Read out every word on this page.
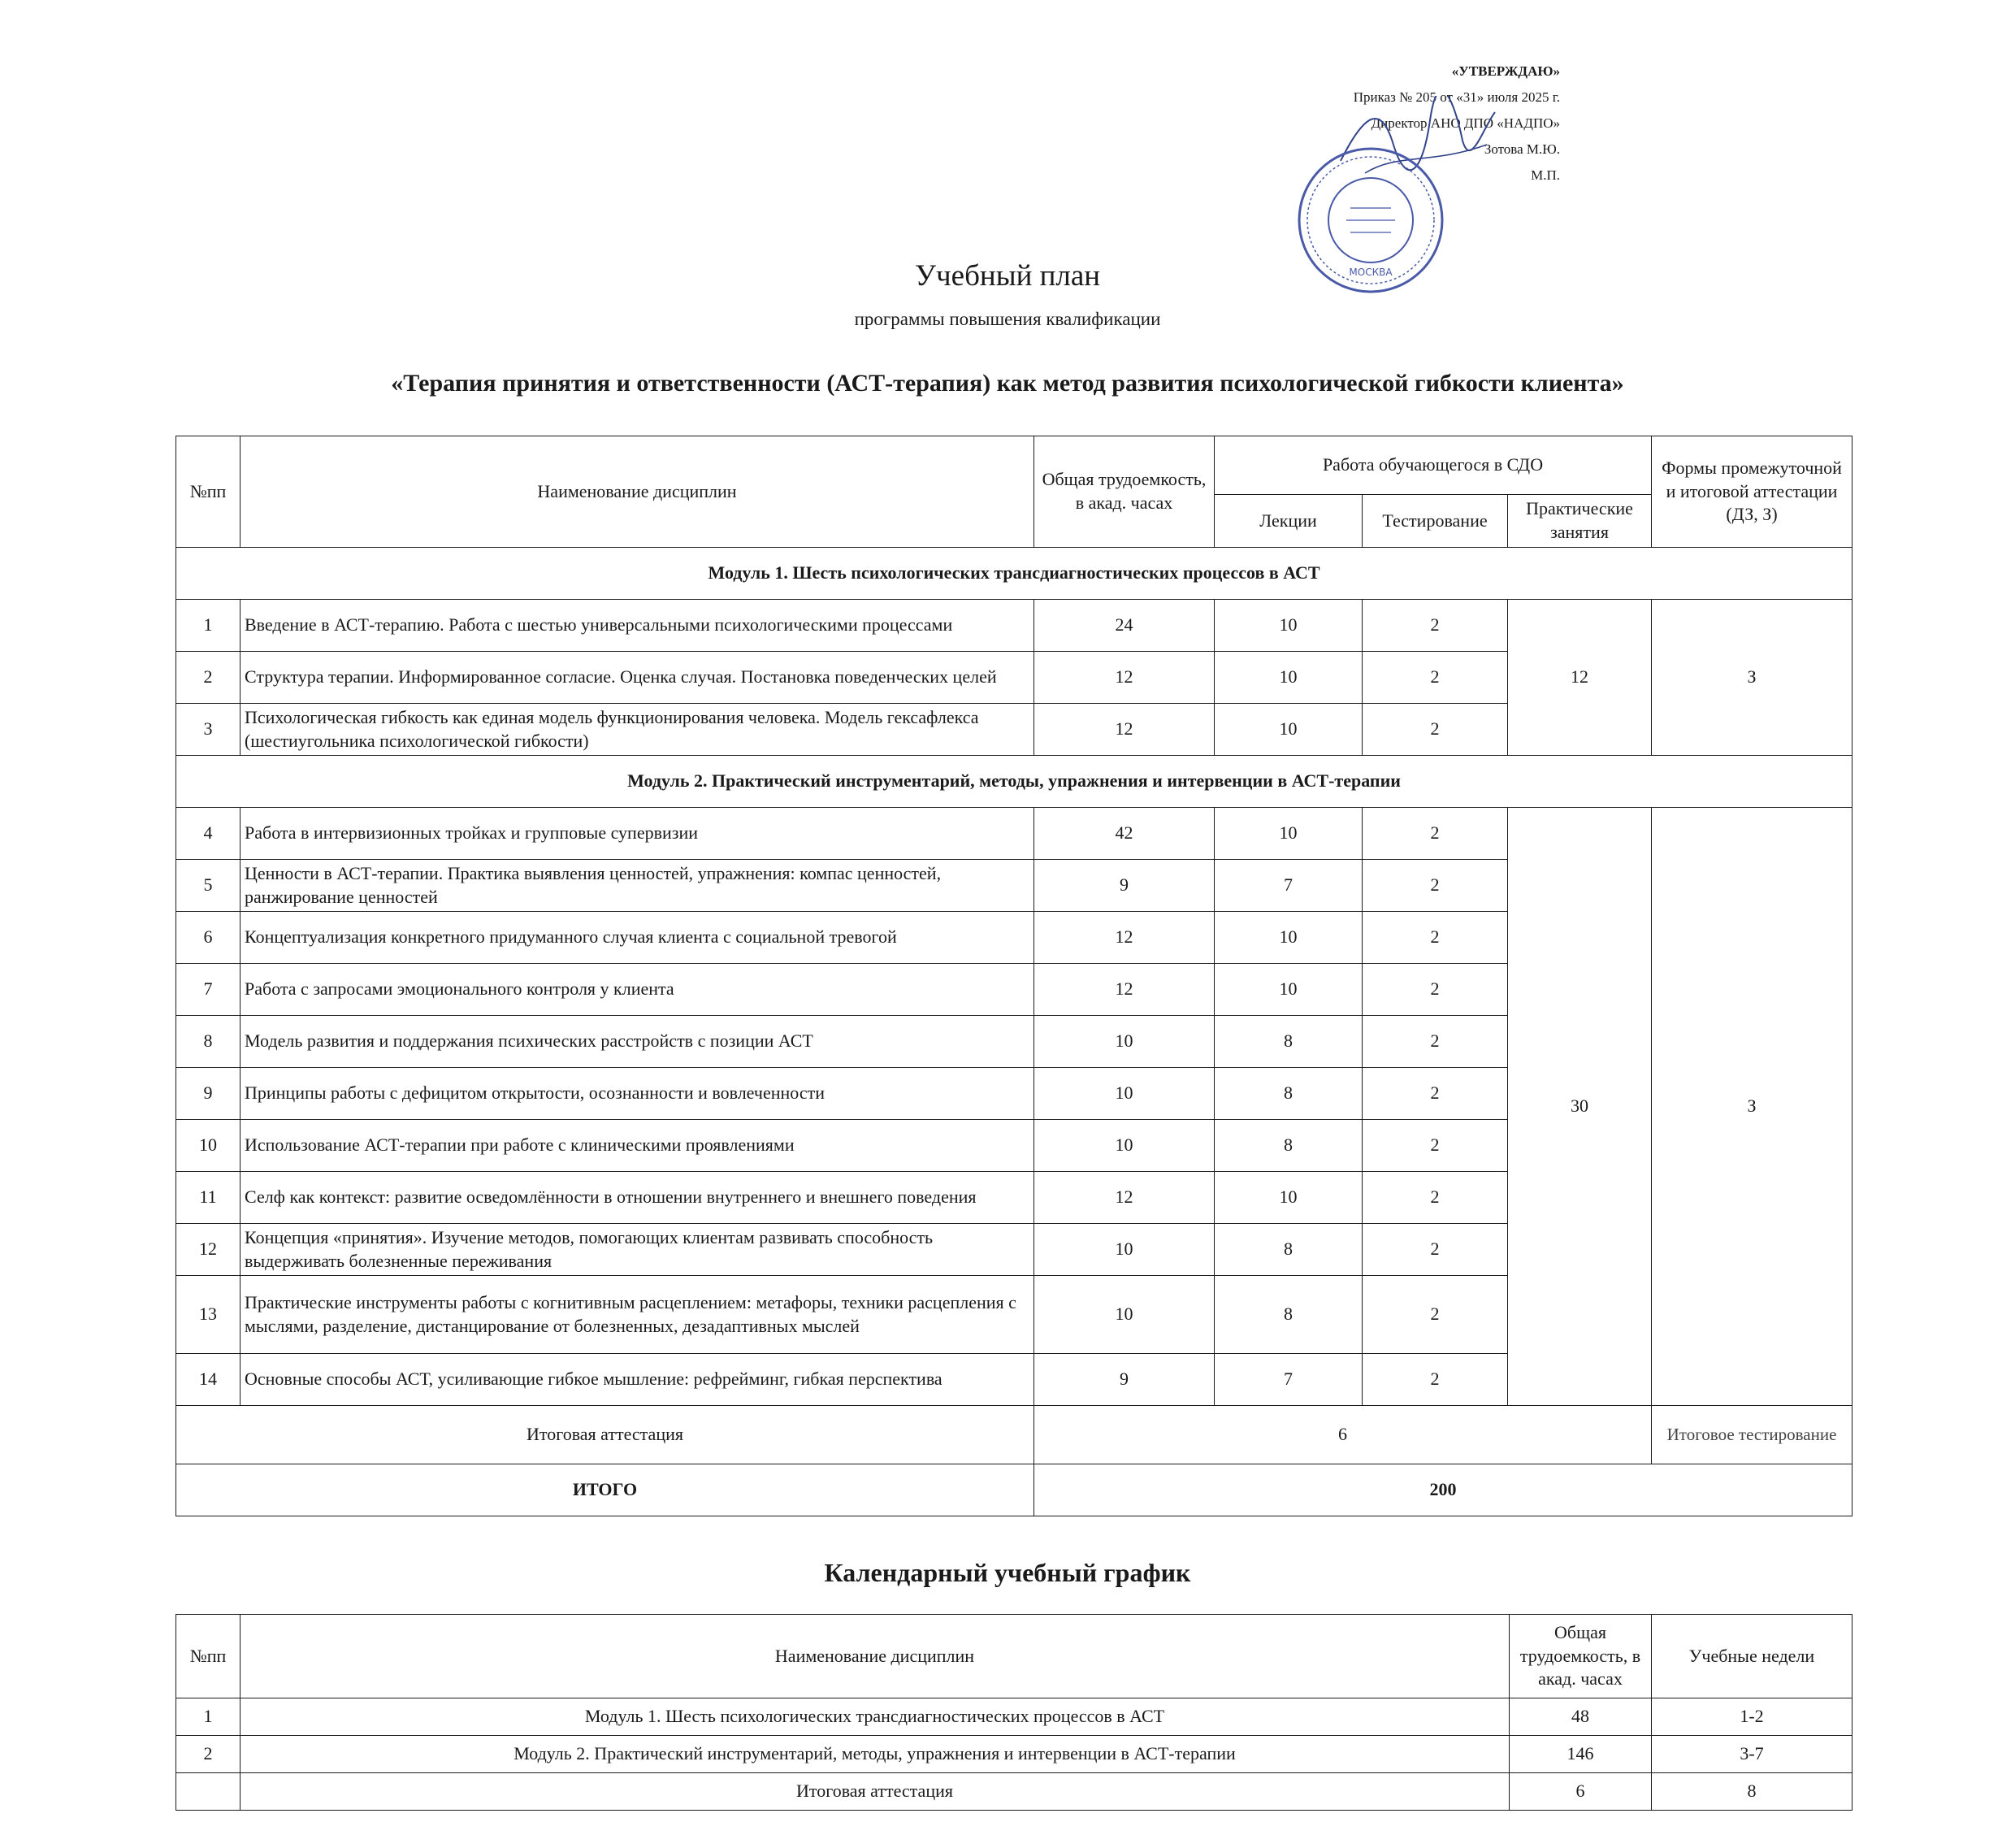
«УТВЕРЖДАЮ»
Приказ № 205 от «31» июля 2025 г.
Директор АНО ДПО «НАДПО»
Зотова М.Ю.
М.П.
МОСКВА
Учебный план
программы повышения квалификации
«Терапия принятия и ответственности (АСТ-терапия) как метод развития психологической гибкости клиента»
№пп	Наименование дисциплин	Общая трудоемкость, в акад. часах	Работа обучающегося в СДО			Формы промежуточной и итоговой аттестации (ДЗ, З)
			Лекции	Тестирование	Практические занятия	
Модуль 1. Шесть психологических трансдиагностических процессов в АСТ						
1	Введение в АСТ-терапию. Работа с шестью универсальными психологическими процессами	24	10	2	12	З
2	Структура терапии. Информированное согласие. Оценка случая. Постановка поведенческих целей	12	10	2		
3	Психологическая гибкость как единая модель функционирования человека. Модель гексафлекса (шестиугольника психологической гибкости)	12	10	2		
Модуль 2. Практический инструментарий, методы, упражнения и интервенции в АСТ-терапии						
4	Работа в интервизионных тройках и групповые супервизии	42	10	2	30	З
5	Ценности в АСТ-терапии. Практика выявления ценностей, упражнения: компас ценностей, ранжирование ценностей	9	7	2		
6	Концептуализация конкретного придуманного случая клиента с социальной тревогой	12	10	2		
7	Работа с запросами эмоционального контроля у клиента	12	10	2		
8	Модель развития и поддержания психических расстройств с позиции АСТ	10	8	2		
9	Принципы работы с дефицитом открытости, осознанности и вовлеченности	10	8	2		
10	Использование АСТ-терапии при работе с клиническими проявлениями	10	8	2		
11	Селф как контекст: развитие осведомлённости в отношении внутреннего и внешнего поведения	12	10	2		
12	Концепция «принятия». Изучение методов, помогающих клиентам развивать способность выдерживать болезненные переживания	10	8	2		
13	Практические инструменты работы с когнитивным расцеплением: метафоры, техники расцепления с мыслями, разделение, дистанцирование от болезненных, дезадаптивных мыслей	10	8	2		
14	Основные способы АСТ, усиливающие гибкое мышление: рефрейминг, гибкая перспектива	9	7	2		
Итоговая аттестация		6				Итоговое тестирование
ИТОГО		200				
Календарный учебный график
№пп	Наименование дисциплин	Общая трудоемкость, в акад. часах	Учебные недели
1	Модуль 1. Шесть психологических трансдиагностических процессов в АСТ	48	1-2
2	Модуль 2. Практический инструментарий, методы, упражнения и интервенции в АСТ-терапии	146	3-7
	Итоговая аттестация	6	8
